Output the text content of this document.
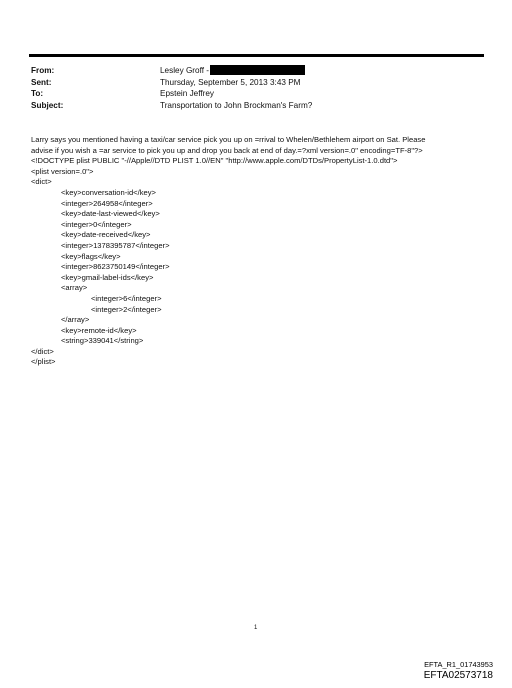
From:	Lesley Groff -
Sent:	Thursday, September 5, 2013 3:43 PM
To:	Epstein Jeffrey
Subject:	Transportation to John Brockman's Farm?
Larry says you mentioned having a taxi/car service pick you up on =rrival to Whelen/Bethlehem airport on Sat. Please
advise if you wish a =ar service to pick you up and drop you back at end of day.=?xml version=.0" encoding=TF-8"?>
<!DOCTYPE plist PUBLIC "-//Apple//DTD PLIST 1.0//EN" "http://www.apple.com/DTDs/PropertyList-1.0.dtd">
<plist version=.0">
<dict>
<key>conversation-id</key>
<integer>264958</integer>
<key>date-last-viewed</key>
<integer>0</integer>
<key>date-received</key>
<integer>1378395787</integer>
<key>flags</key>
<integer>8623750149</integer>
<key>gmail-label-ids</key>
<array>
<integer>6</integer>
<integer>2</integer>
</array>
<key>remote-id</key>
<string>339041</string>
</dict>
</plist>
1
EFTA_R1_01743953
EFTA02573718
